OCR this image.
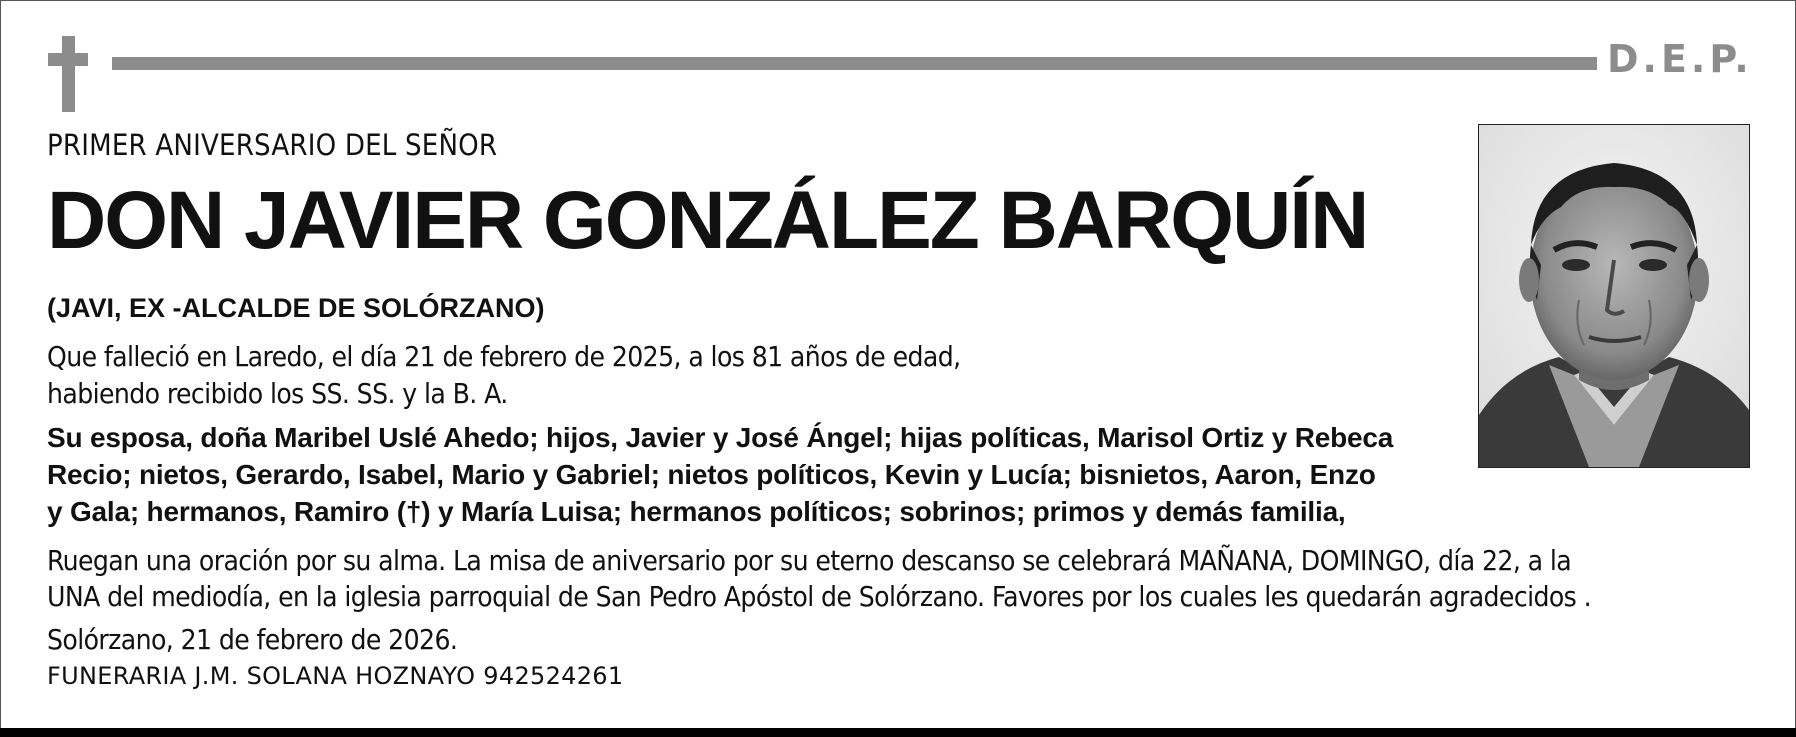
D.E.P.
PRIMER ANIVERSARIO DEL SEÑOR
DON JAVIER GONZÁLEZ BARQUÍN
(JAVI, EX -ALCALDE DE SOLÓRZANO)
Que falleció en Laredo, el día 21 de febrero de 2025, a los 81 años de edad,
habiendo recibido los SS. SS. y la B. A.
Su esposa, doña Maribel Uslé Ahedo; hijos, Javier y José Ángel; hijas políticas, Marisol Ortiz y Rebeca
Recio; nietos, Gerardo, Isabel, Mario y Gabriel; nietos políticos, Kevin y Lucía; bisnietos, Aaron, Enzo
y Gala; hermanos, Ramiro (†) y María Luisa; hermanos políticos; sobrinos; primos y demás familia,
Ruegan una oración por su alma. La misa de aniversario por su eterno descanso se celebrará MAÑANA, DOMINGO, día 22, a la
UNA del mediodía, en la iglesia parroquial de San Pedro Apóstol de Solórzano. Favores por los cuales les quedarán agradecidos .
Solórzano, 21 de febrero de 2026.
FUNERARIA J.M. SOLANA HOZNAYO 942524261
